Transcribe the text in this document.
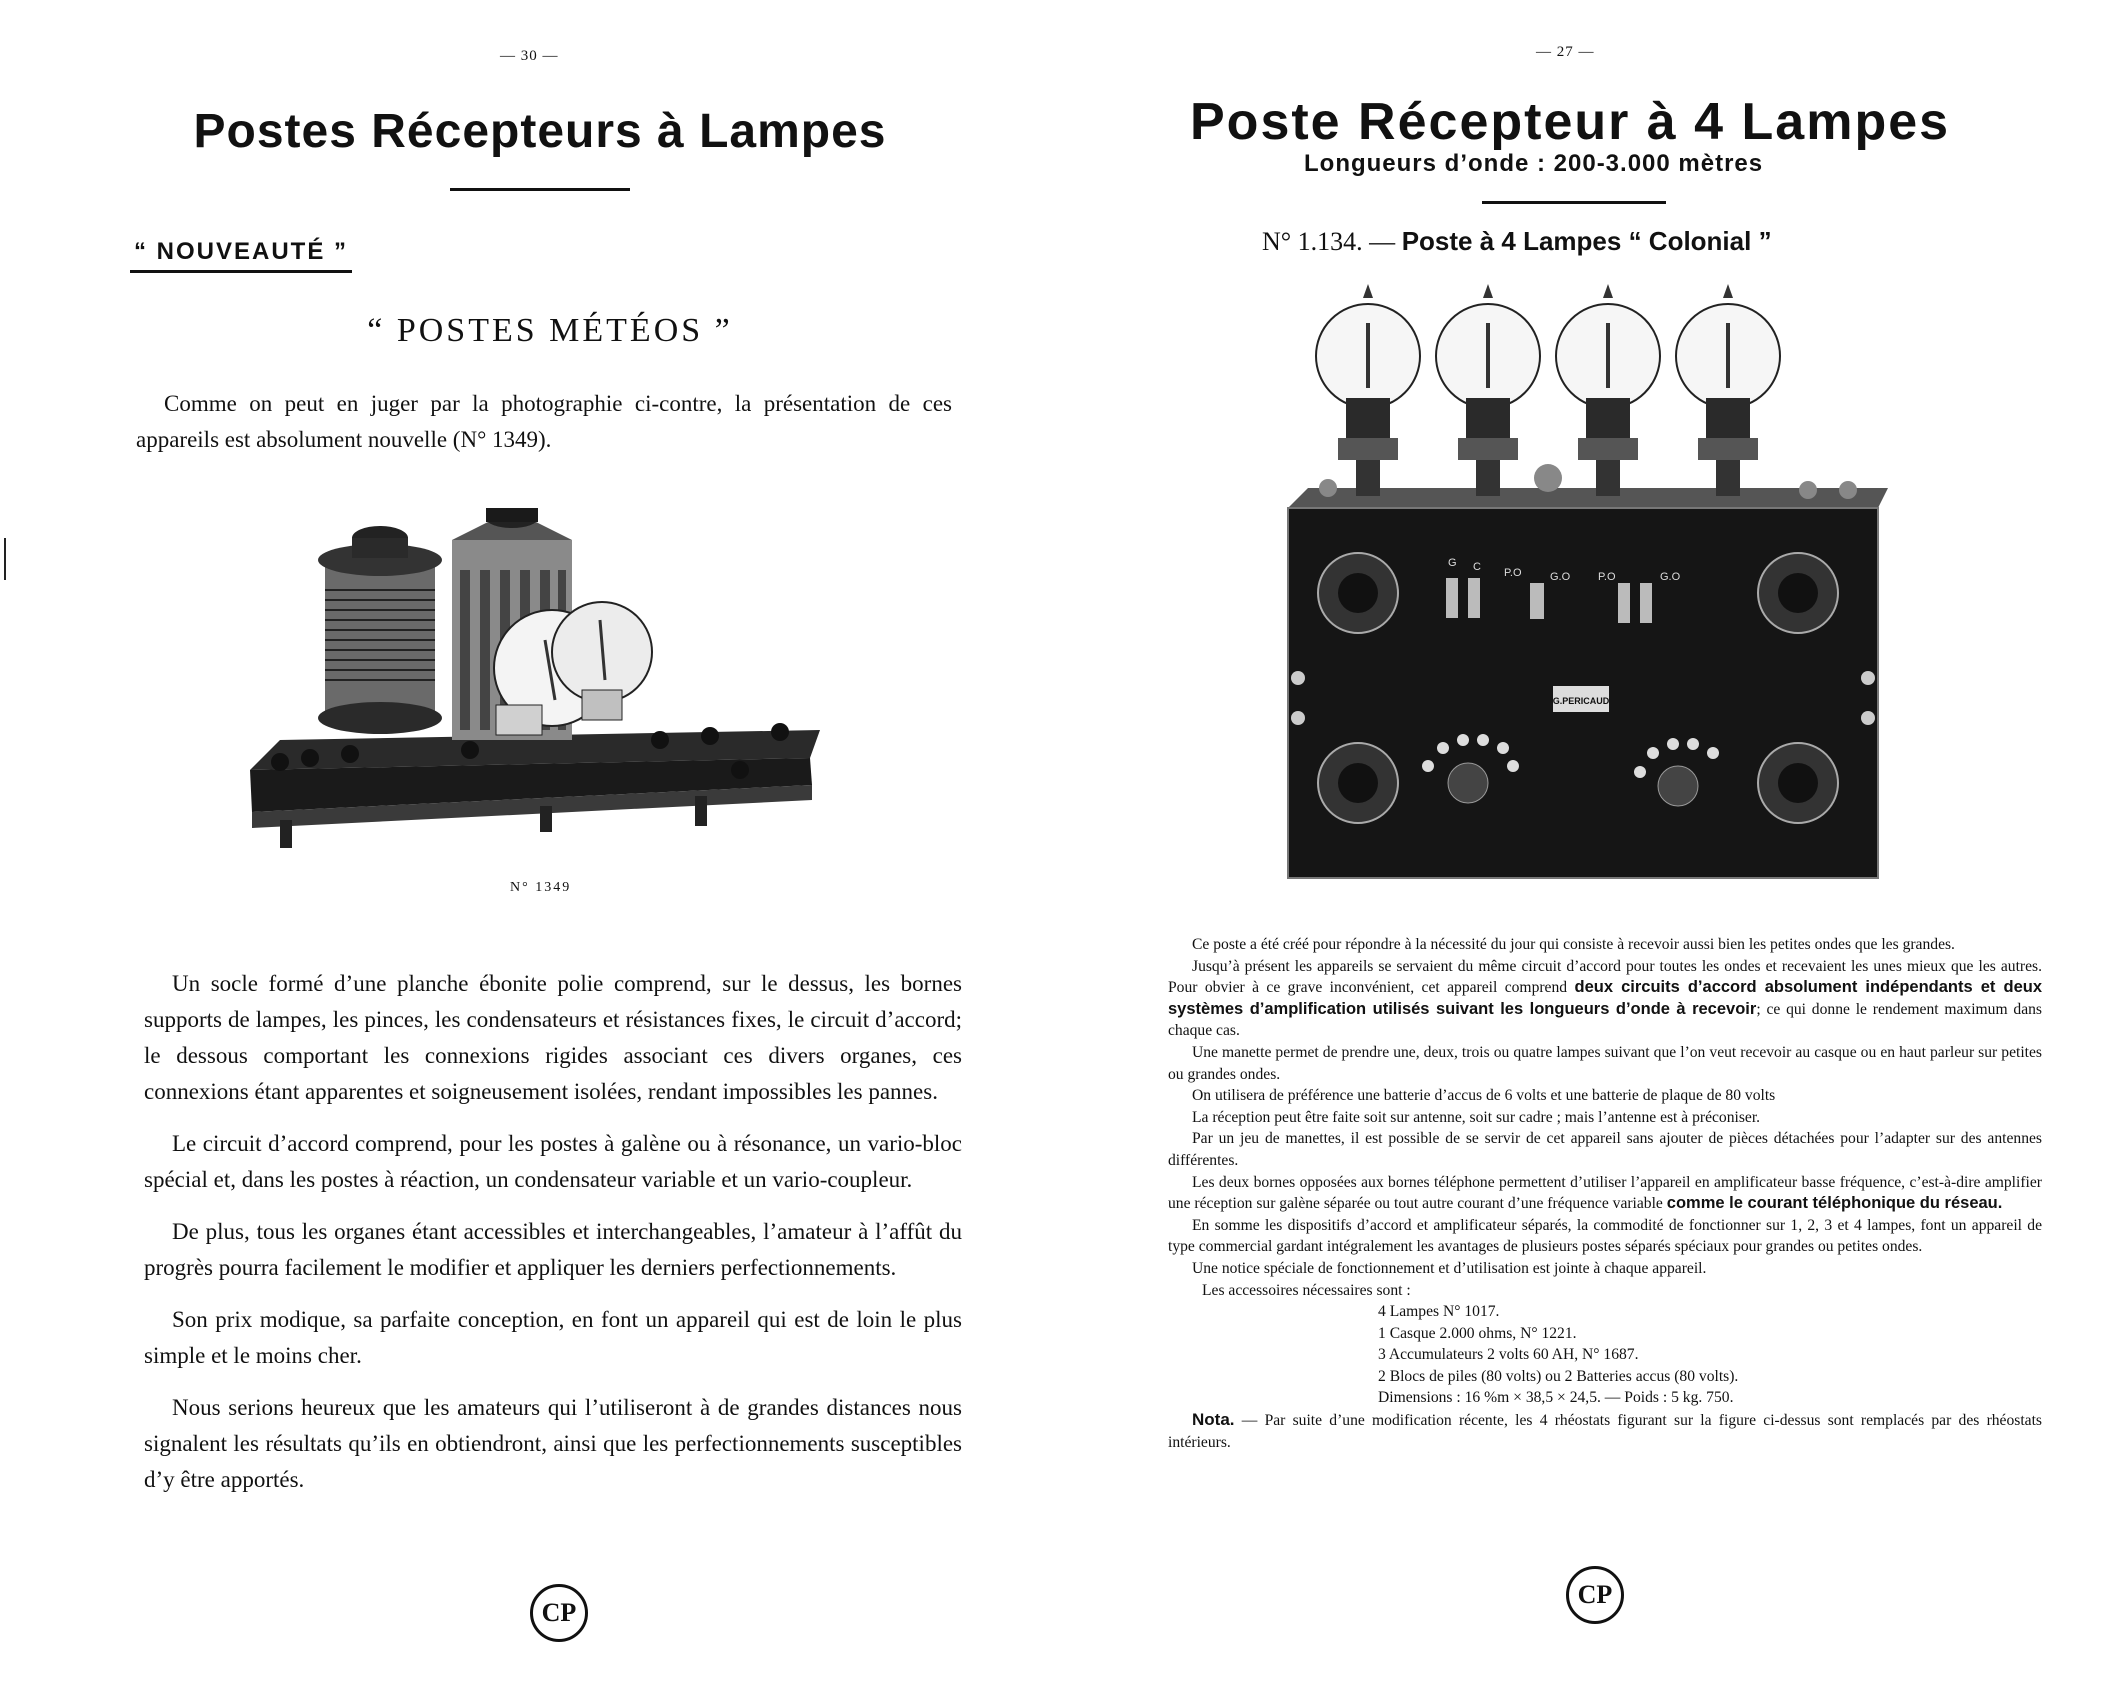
— 30 —
Postes Récepteurs à Lampes
“ NOUVEAUTÉ ”
“ POSTES MÉTÉOS ”
Comme on peut en juger par la photographie ci-contre, la présentation de ces appareils est absolument nouvelle (N° 1349).
N° 1349

Un socle formé d’une planche ébonite polie comprend, sur le dessus, les bornes supports de lampes, les pinces, les condensateurs et résistances fixes, le circuit d’accord; le dessous comportant les connexions rigides associant ces divers organes, ces connexions étant apparentes et soigneusement isolées, rendant impossibles les pannes.

Le circuit d’accord comprend, pour les postes à galène ou à résonance, un vario-bloc spécial et, dans les postes à réaction, un condensateur variable et un vario-coupleur.

De plus, tous les organes étant accessibles et interchangeables, l’amateur à l’affût du progrès pourra facilement le modifier et appliquer les derniers perfectionnements.

Son prix modique, sa parfaite conception, en font un appareil qui est de loin le plus simple et le moins cher.

Nous serions heureux que les amateurs qui l’utiliseront à de grandes distances nous signalent les résultats qu’ils en obtiendront, ainsi que les perfectionnements susceptibles d’y être apportés.

CP
— 27 —
Poste Récepteur à 4 Lampes
Longueurs d’onde : 200-3.000 mètres
N° 1.134. — Poste à 4 Lampes “ Colonial ”
G C P.O	G.O	P.O	G.O
G.PERICAUD

Ce poste a été créé pour répondre à la nécessité du jour qui consiste à recevoir aussi bien les petites ondes que les grandes.

Jusqu’à présent les appareils se servaient du même circuit d’accord pour toutes les ondes et recevaient les unes mieux que les autres. Pour obvier à ce grave inconvénient, cet appareil comprend deux circuits d’accord absolument indépendants et deux systèmes d’amplification utilisés suivant les longueurs d’onde à recevoir; ce qui donne le rendement maximum dans chaque cas.

Une manette permet de prendre une, deux, trois ou quatre lampes suivant que l’on veut recevoir au casque ou en haut parleur sur petites ou grandes ondes.

On utilisera de préférence une batterie d’accus de 6 volts et une batterie de plaque de 80 volts

La réception peut être faite soit sur antenne, soit sur cadre ; mais l’antenne est à préconiser.

Par un jeu de manettes, il est possible de se servir de cet appareil sans ajouter de pièces détachées pour l’adapter sur des antennes différentes.

Les deux bornes opposées aux bornes téléphone permettent d’utiliser l’appareil en amplificateur basse fréquence, c’est-à-dire amplifier une réception sur galène séparée ou tout autre courant d’une fréquence variable comme le courant téléphonique du réseau.

En somme les dispositifs d’accord et amplificateur séparés, la commodité de fonctionner sur 1, 2, 3 et 4 lampes, font un appareil de type commercial gardant intégralement les avantages de plusieurs postes séparés spéciaux pour grandes ou petites ondes.

Une notice spéciale de fonctionnement et d’utilisation est jointe à chaque appareil.

Les accessoires nécessaires sont :

4 Lampes N° 1017.

1 Casque 2.000 ohms, N° 1221.

3 Accumulateurs 2 volts 60 AH, N° 1687.

2 Blocs de piles (80 volts) ou 2 Batteries accus (80 volts).

Dimensions : 16 %m × 38,5 × 24,5. — Poids : 5 kg. 750.

Nota. — Par suite d’une modification récente, les 4 rhéostats figurant sur la figure ci-dessus sont remplacés par des rhéostats intérieurs.

CP
